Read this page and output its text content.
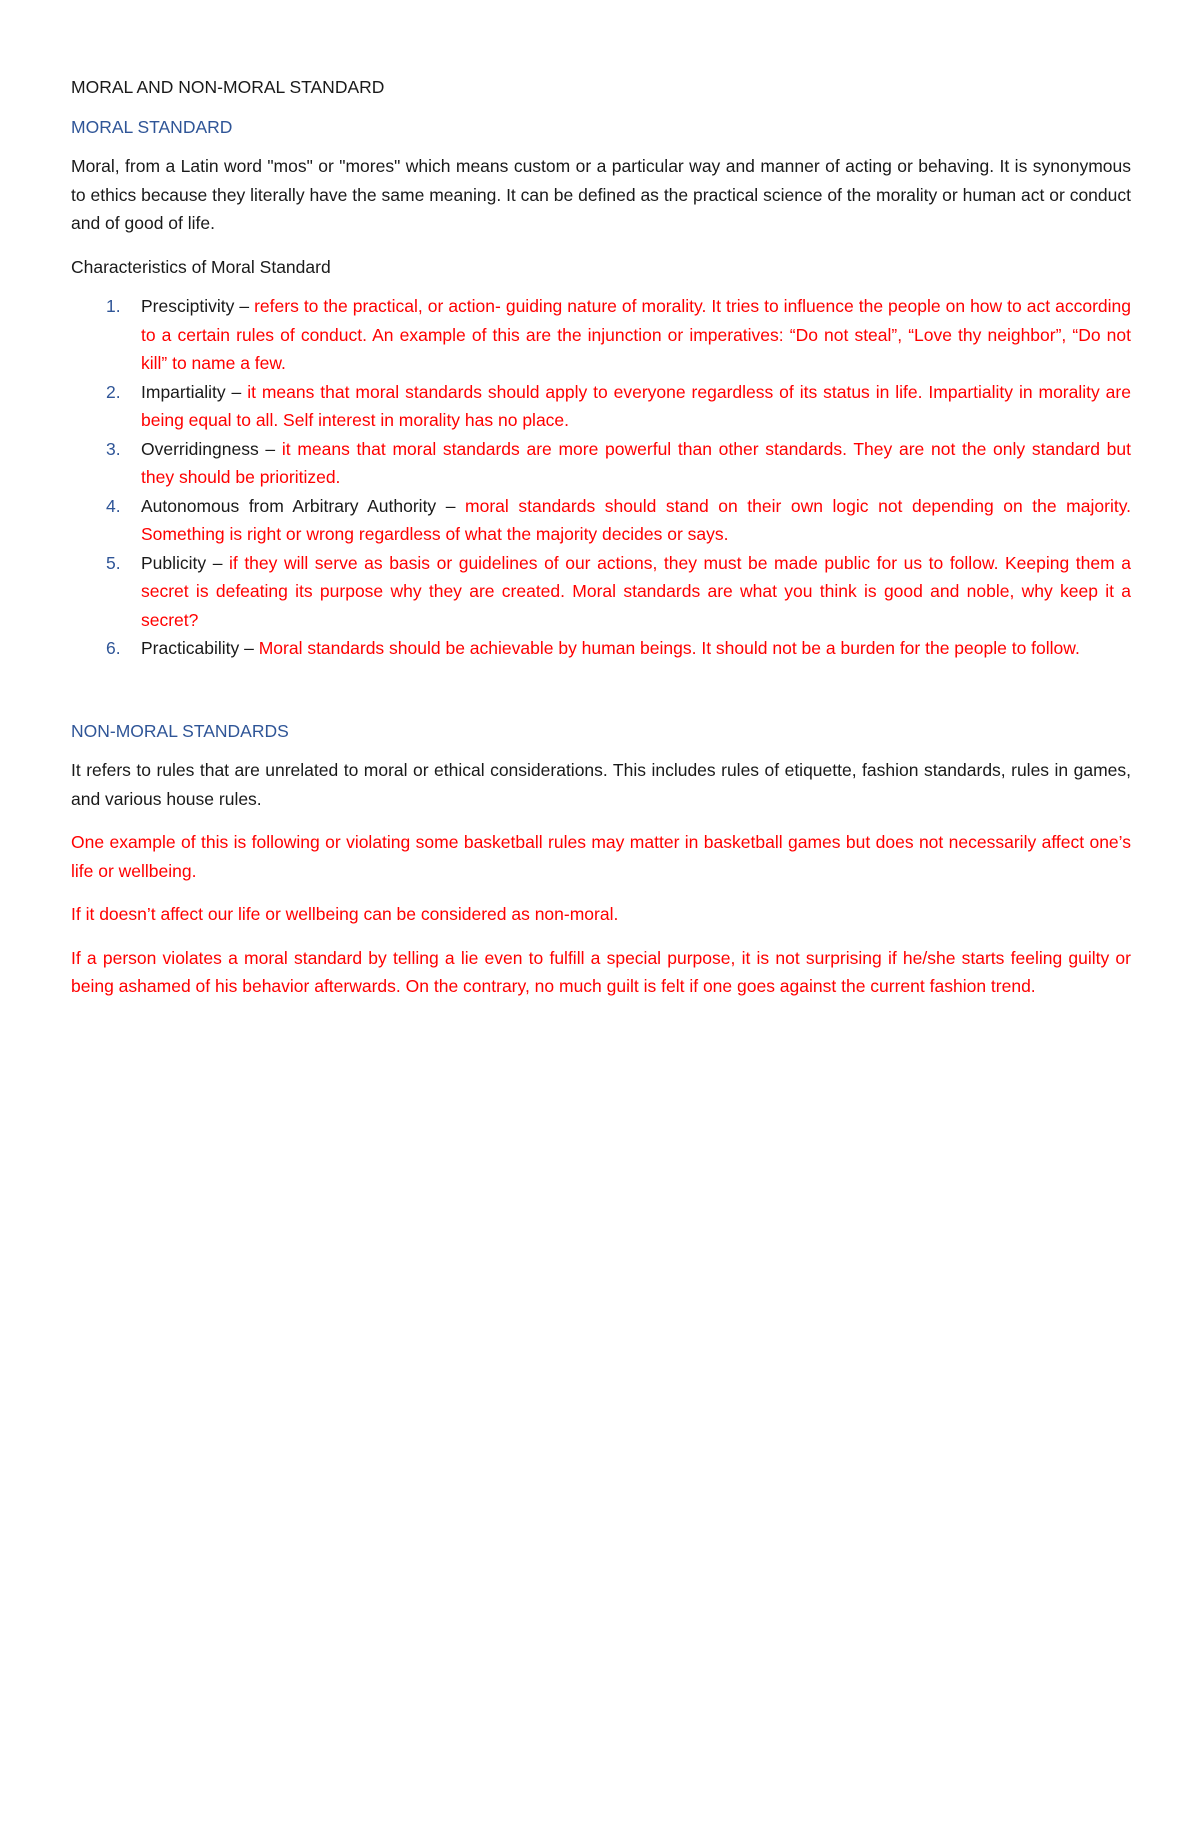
MORAL AND NON-MORAL STANDARD
MORAL STANDARD

Moral, from a Latin word "mos" or "mores" which means custom or a particular way and manner of acting or behaving. It is synonymous to ethics because they literally have the same meaning. It can be defined as the practical science of the morality or human act or conduct and of good of life.

Characteristics of Moral Standard
1. Presciptivity – refers to the practical, or action- guiding nature of morality. It tries to influence the people on how to act according to a certain rules of conduct. An example of this are the injunction or imperatives: “Do not steal”, “Love thy neighbor”, “Do not kill” to name a few.
2. Impartiality – it means that moral standards should apply to everyone regardless of its status in life. Impartiality in morality are being equal to all. Self interest in morality has no place.
3. Overridingness – it means that moral standards are more powerful than other standards. They are not the only standard but they should be prioritized.
4. Autonomous from Arbitrary Authority – moral standards should stand on their own logic not depending on the majority. Something is right or wrong regardless of what the majority decides or says.
5. Publicity – if they will serve as basis or guidelines of our actions, they must be made public for us to follow. Keeping them a secret is defeating its purpose why they are created. Moral standards are what you think is good and noble, why keep it a secret?
6. Practicability – Moral standards should be achievable by human beings. It should not be a burden for the people to follow.
NON-MORAL STANDARDS

It refers to rules that are unrelated to moral or ethical considerations. This includes rules of etiquette, fashion standards, rules in games, and various house rules.

One example of this is following or violating some basketball rules may matter in basketball games but does not necessarily affect one’s life or wellbeing.

If it doesn’t affect our life or wellbeing can be considered as non-moral.

If a person violates a moral standard by telling a lie even to fulfill a special purpose, it is not surprising if he/she starts feeling guilty or being ashamed of his behavior afterwards. On the contrary, no much guilt is felt if one goes against the current fashion trend.
